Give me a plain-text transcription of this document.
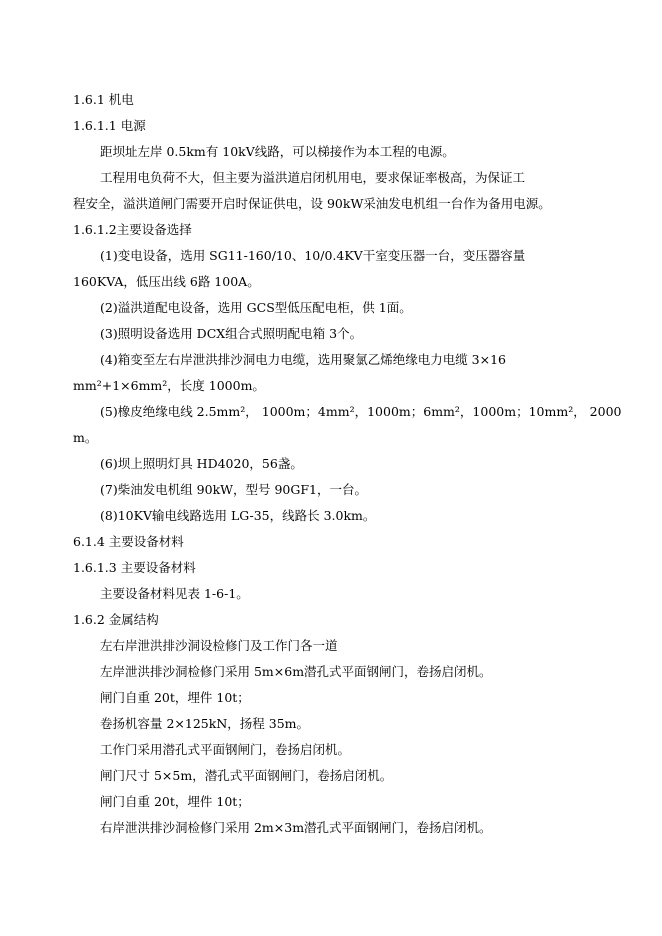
1.6.1 机电
1.6.1.1 电源
距坝址左岸 0.5km有 10kV线路，可以梯接作为本工程的电源。
工程用电负荷不大，但主要为溢洪道启闭机用电，要求保证率极高，为保证工
程安全，溢洪道闸门需要开启时保证供电，设 90kW采油发电机组一台作为备用电源。
1.6.1.2主要设备选择
(1)变电设备，选用 SG11-160/10、10/0.4KV干室变压器一台，变压器容量
160KVA，低压出线 6路 100A。
(2)溢洪道配电设备，选用 GCS型低压配电柜，供 1面。
(3)照明设备选用 DCX组合式照明配电箱 3个。
(4)箱变至左右岸泄洪排沙洞电力电缆，选用聚氯乙烯绝缘电力电缆 3×16
mm²+1×6mm²，长度 1000m。
(5)橡皮绝缘电线 2.5mm²， 1000m；4mm²，1000m；6mm²，1000m；10mm²， 2000
m。
(6)坝上照明灯具 HD4020，56盏。
(7)柴油发电机组 90kW，型号 90GF1，一台。
(8)10KV输电线路选用 LG-35，线路长 3.0km。
6.1.4 主要设备材料
1.6.1.3 主要设备材料
主要设备材料见表 1-6-1。
1.6.2 金属结构
左右岸泄洪排沙洞设检修门及工作门各一道
左岸泄洪排沙洞检修门采用 5m×6m潜孔式平面钢闸门，卷扬启闭机。
闸门自重 20t，埋件 10t；
卷扬机容量 2×125kN，扬程 35m。
工作门采用潜孔式平面钢闸门，卷扬启闭机。
闸门尺寸 5×5m，潜孔式平面钢闸门，卷扬启闭机。
闸门自重 20t，埋件 10t；
右岸泄洪排沙洞检修门采用 2m×3m潜孔式平面钢闸门，卷扬启闭机。
